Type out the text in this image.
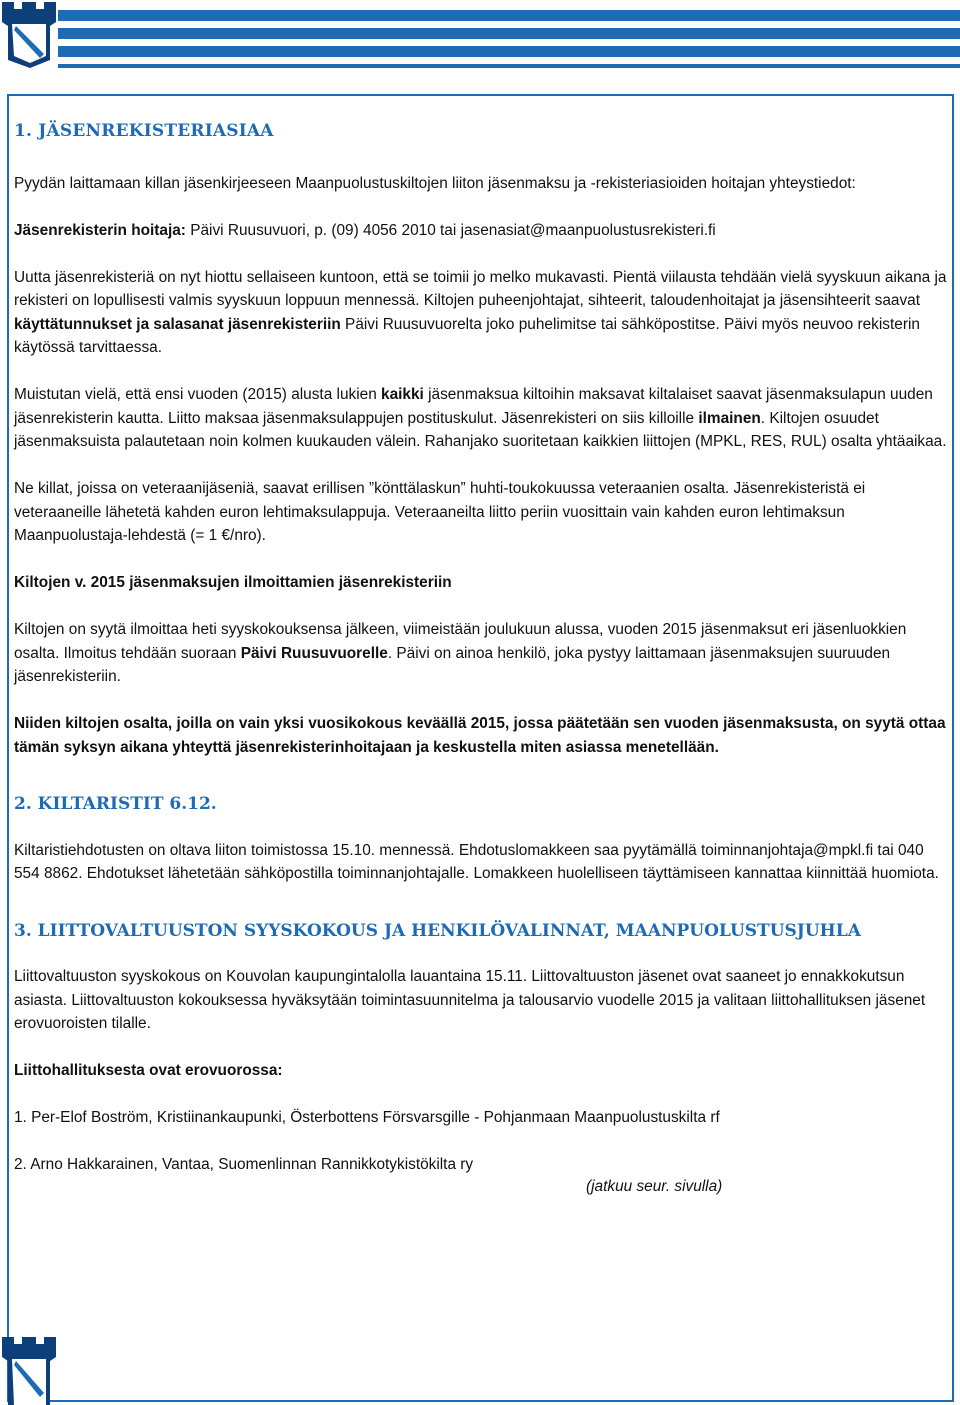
1. JÄSENREKISTERIASIAA

Pyydän laittamaan killan jäsenkirjeeseen Maanpuolustuskiltojen liiton jäsenmaksu ja -rekisteriasioiden hoitajan yhteystiedot:

Jäsenrekisterin hoitaja: Päivi Ruusuvuori, p. (09) 4056 2010 tai jasenasiat@maanpuolustusrekisteri.fi

Uutta jäsenrekisteriä on nyt hiottu sellaiseen kuntoon, että se toimii jo melko mukavasti. Pientä viilausta tehdään vielä syyskuun aikana ja rekisteri on lopullisesti valmis syyskuun loppuun mennessä. Kiltojen puheenjohtajat, sihteerit, taloudenhoitajat ja jäsensihteerit saavat käyttätunnukset ja salasanat jäsenrekisteriin Päivi Ruusuvuorelta joko puhelimitse tai sähköpostitse. Päivi myös neuvoo rekisterin käytössä tarvittaessa.

Muistutan vielä, että ensi vuoden (2015) alusta lukien kaikki jäsenmaksua kiltoihin maksavat kiltalaiset saavat jäsenmaksulapun uuden jäsenrekisterin kautta. Liitto maksaa jäsenmaksulappujen postituskulut. Jäsenrekisteri on siis killoille ilmainen. Kiltojen osuudet jäsenmaksuista palautetaan noin kolmen kuukauden välein. Rahanjako suoritetaan kaikkien liittojen (MPKL, RES, RUL) osalta yhtäaikaa.

Ne killat, joissa on veteraanijäseniä, saavat erillisen ”könttälaskun” huhti-toukokuussa veteraanien osalta. Jäsenrekisteristä ei veteraaneille lähetetä kahden euron lehtimaksulappuja. Veteraaneilta liitto periin vuosittain vain kahden euron lehtimaksun Maanpuolustaja-lehdestä (= 1 €/nro).

Kiltojen v. 2015 jäsenmaksujen ilmoittamien jäsenrekisteriin

Kiltojen on syytä ilmoittaa heti syyskokouksensa jälkeen, viimeistään joulukuun alussa, vuoden 2015 jäsenmaksut eri jäsenluokkien osalta. Ilmoitus tehdään suoraan Päivi Ruusuvuorelle. Päivi on ainoa henkilö, joka pystyy laittamaan jäsenmaksujen suuruuden jäsenrekisteriin.

Niiden kiltojen osalta, joilla on vain yksi vuosikokous keväällä 2015, jossa päätetään sen vuoden jäsenmaksusta, on syytä ottaa tämän syksyn aikana yhteyttä jäsenrekisterinhoitajaan ja keskustella miten asiassa menetellään.

2. KILTARISTIT 6.12.

Kiltaristiehdotusten on oltava liiton toimistossa 15.10. mennessä. Ehdotuslomakkeen saa pyytämällä toiminnanjohtaja@mpkl.fi tai 040 554 8862. Ehdotukset lähetetään sähköpostilla toiminnanjohtajalle. Lomakkeen huolelliseen täyttämiseen kannattaa kiinnittää huomiota.

3. LIITTOVALTUUSTON SYYSKOKOUS JA HENKILÖVALINNAT, MAANPUOLUSTUSJUHLA

Liittovaltuuston syyskokous on Kouvolan kaupungintalolla lauantaina 15.11. Liittovaltuuston jäsenet ovat saaneet jo ennakkokutsun asiasta. Liittovaltuuston kokouksessa hyväksytään toimintasuunnitelma ja talousarvio vuodelle 2015 ja valitaan liittohallituksen jäsenet erovuoroisten tilalle.

Liittohallituksesta ovat erovuorossa:

1. Per-Elof Boström, Kristiinankaupunki, Österbottens Försvarsgille - Pohjanmaan Maanpuolustuskilta rf

2. Arno Hakkarainen, Vantaa, Suomenlinnan Rannikkotykistökilta ry

(jatkuu seur. sivulla)
